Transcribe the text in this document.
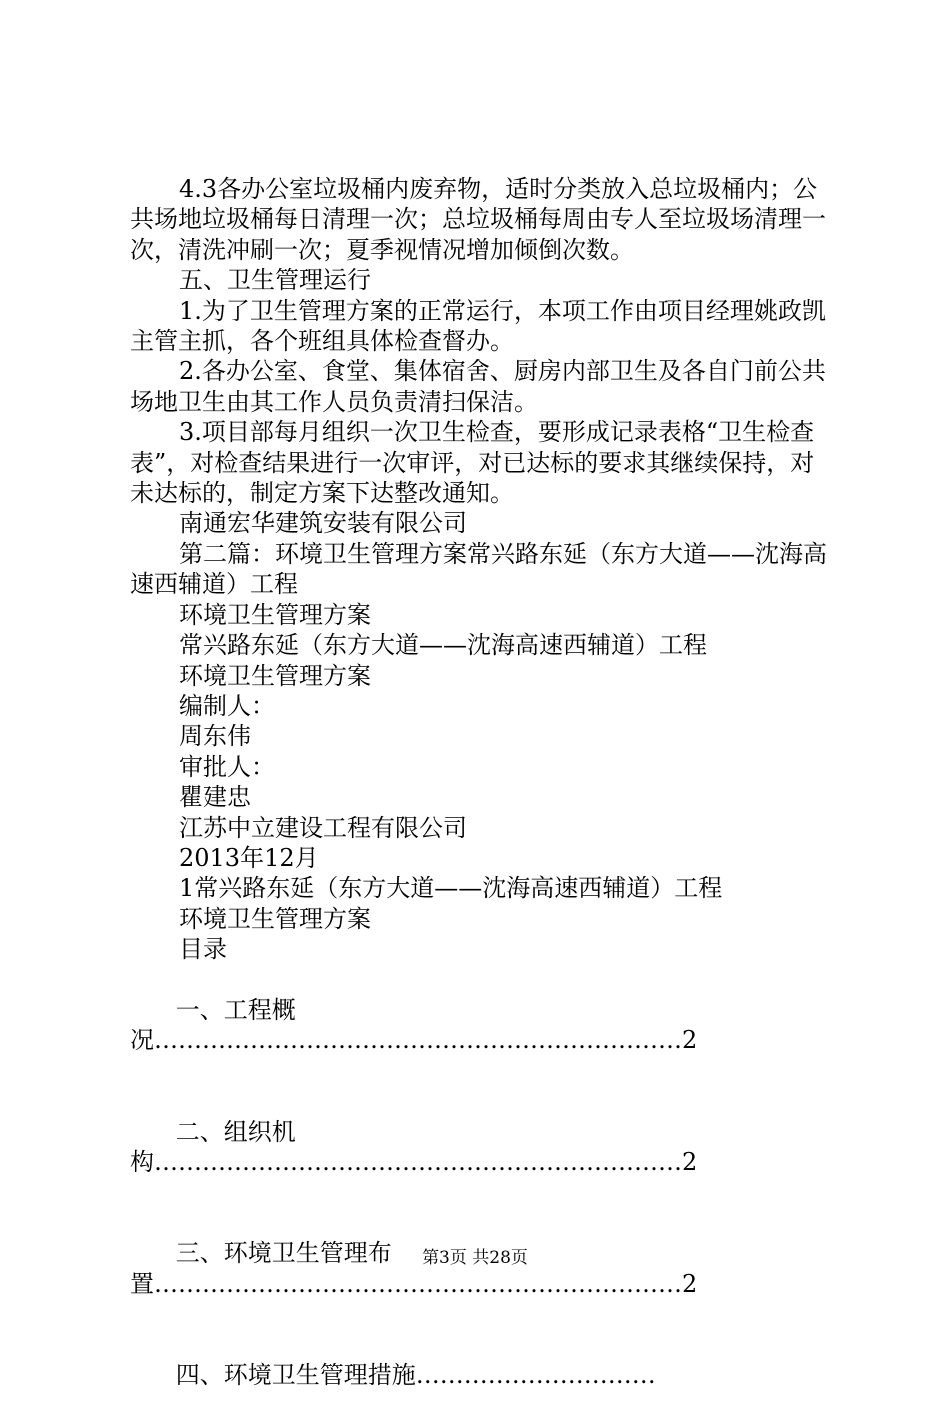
4.3各办公室垃圾桶内废弃物，适时分类放入总垃圾桶内；公共场地垃圾桶每日清理一次；总垃圾桶每周由专人至垃圾场清理一次，清洗冲刷一次；夏季视情况增加倾倒次数。

五、卫生管理运行

1.为了卫生管理方案的正常运行，本项工作由项目经理姚政凯主管主抓，各个班组具体检查督办。

2.各办公室、食堂、集体宿舍、厨房内部卫生及各自门前公共场地卫生由其工作人员负责清扫保洁。

3.项目部每月组织一次卫生检查，要形成记录表格“卫生检查表”，对检查结果进行一次审评，对已达标的要求其继续保持，对未达标的，制定方案下达整改通知。

南通宏华建筑安装有限公司

第二篇：环境卫生管理方案常兴路东延（东方大道——沈海高速西辅道）工程

环境卫生管理方案
常兴路东延（东方大道——沈海高速西辅道）工程
环境卫生管理方案
编制人：
周东伟
审批人：
瞿建忠
江苏中立建设工程有限公司
2013年12月
1常兴路东延（东方大道——沈海高速西辅道）工程
环境卫生管理方案
目录

一、工程概况…………………………………………………………2

二、组织机构…………………………………………………………2

三、环境卫生管理布置…………………………………………………………2

四、环境卫生管理措施…………………………

第3页 共28页
